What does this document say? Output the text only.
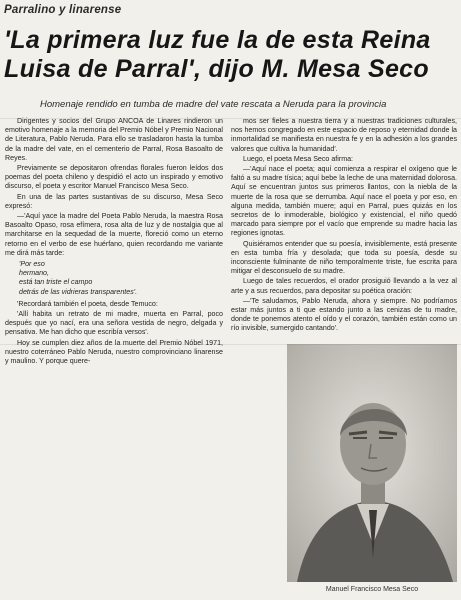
Parralino y linarense
'La primera luz fue la de esta Reina
Luisa de Parral', dijo M. Mesa Seco
Homenaje rendido en tumba de madre del vate rescata a Neruda para la provincia

Dirigentes y socios del Grupo ANCOA de Linares rindieron un emotivo homenaje a la memoria del Premio Nóbel y Premio Nacional de Literatura, Pablo Neruda. Para ello se trasladaron hasta la tumba de la madre del vate, en el cementerio de Parral, Rosa Basoalto de Reyes.

Previamente se depositaron ofrendas florales fueron leídos dos poemas del poeta chileno y despidió el acto un inspirado y emotivo discurso, el poeta y escritor Manuel Francisco Mesa Seco.

En una de las partes sustantivas de su discurso, Mesa Seco expresó:

—'Aquí yace la madre del Poeta Pablo Neruda, la maestra Rosa Basoalto Opaso, rosa efímera, rosa alta de luz y de nostalgia que al marchitarse en la sequedad de la muerte, floreció como un eterno retorno en el verbo de ese huérfano, quien recordando me variante me dirá más tarde:

'Por eso

hermano,

está tan triste el campo

detrás de las vidrieras transparentes'.

'Recordará también el poeta, desde Temuco:

'Allí habita un retrato de mi madre, muerta en Parral, poco después que yo nací, era una señora vestida de negro, delgada y pensativa. Me han dicho que escribía versos'.

Hoy se cumplen diez años de la muerte del Premio Nóbel 1971, nuestro coterráneo Pablo Neruda, nuestro comprovinciano linarense y maulino. Y porque quere-

mos ser fieles a nuestra tierra y a nuestras tradiciones culturales, nos hemos congregado en este espacio de reposo y eternidad donde la inmortalidad se manifiesta en nuestra fe y en la adhesión a los grandes valores que cultiva la humanidad'.

Luego, el poeta Mesa Seco afirma:

—'Aquí nace el poeta; aquí comienza a respirar el oxígeno que le faltó a su madre tísica; aquí bebe la leche de una maternidad dolorosa. Aquí se encuentran juntos sus primeros llantos, con la niebla de la muerte de la rosa que se derrumba. Aquí nace el poeta y por eso, en alguna medida, también muere; aquí en Parral, pues quizás en los secretos de lo inmoderable, biológico y existencial, el niño quedó marcado para siempre por el vacío que emprende su madre hacia las regiones ignotas.

Quisiéramos entender que su poesía, invisiblemente, está presente en esta tumba fría y desolada; que toda su poesía, desde su inconsciente fulminante de niño temporalmente triste, fue escrita para mitigar el desconsuelo de su madre.

Luego de tales recuerdos, el orador prosiguió llevando a la vez al arte y a sus recuerdos, para depositar su poética oración:

—'Te saludamos, Pablo Neruda, ahora y siempre. No podríamos estar más juntos a ti que estando junto a las cenizas de tu madre, donde te ponemos atento el oído y el corazón, también están como un río invisible, sumergido cantando'.

Manuel Francisco Mesa Seco
